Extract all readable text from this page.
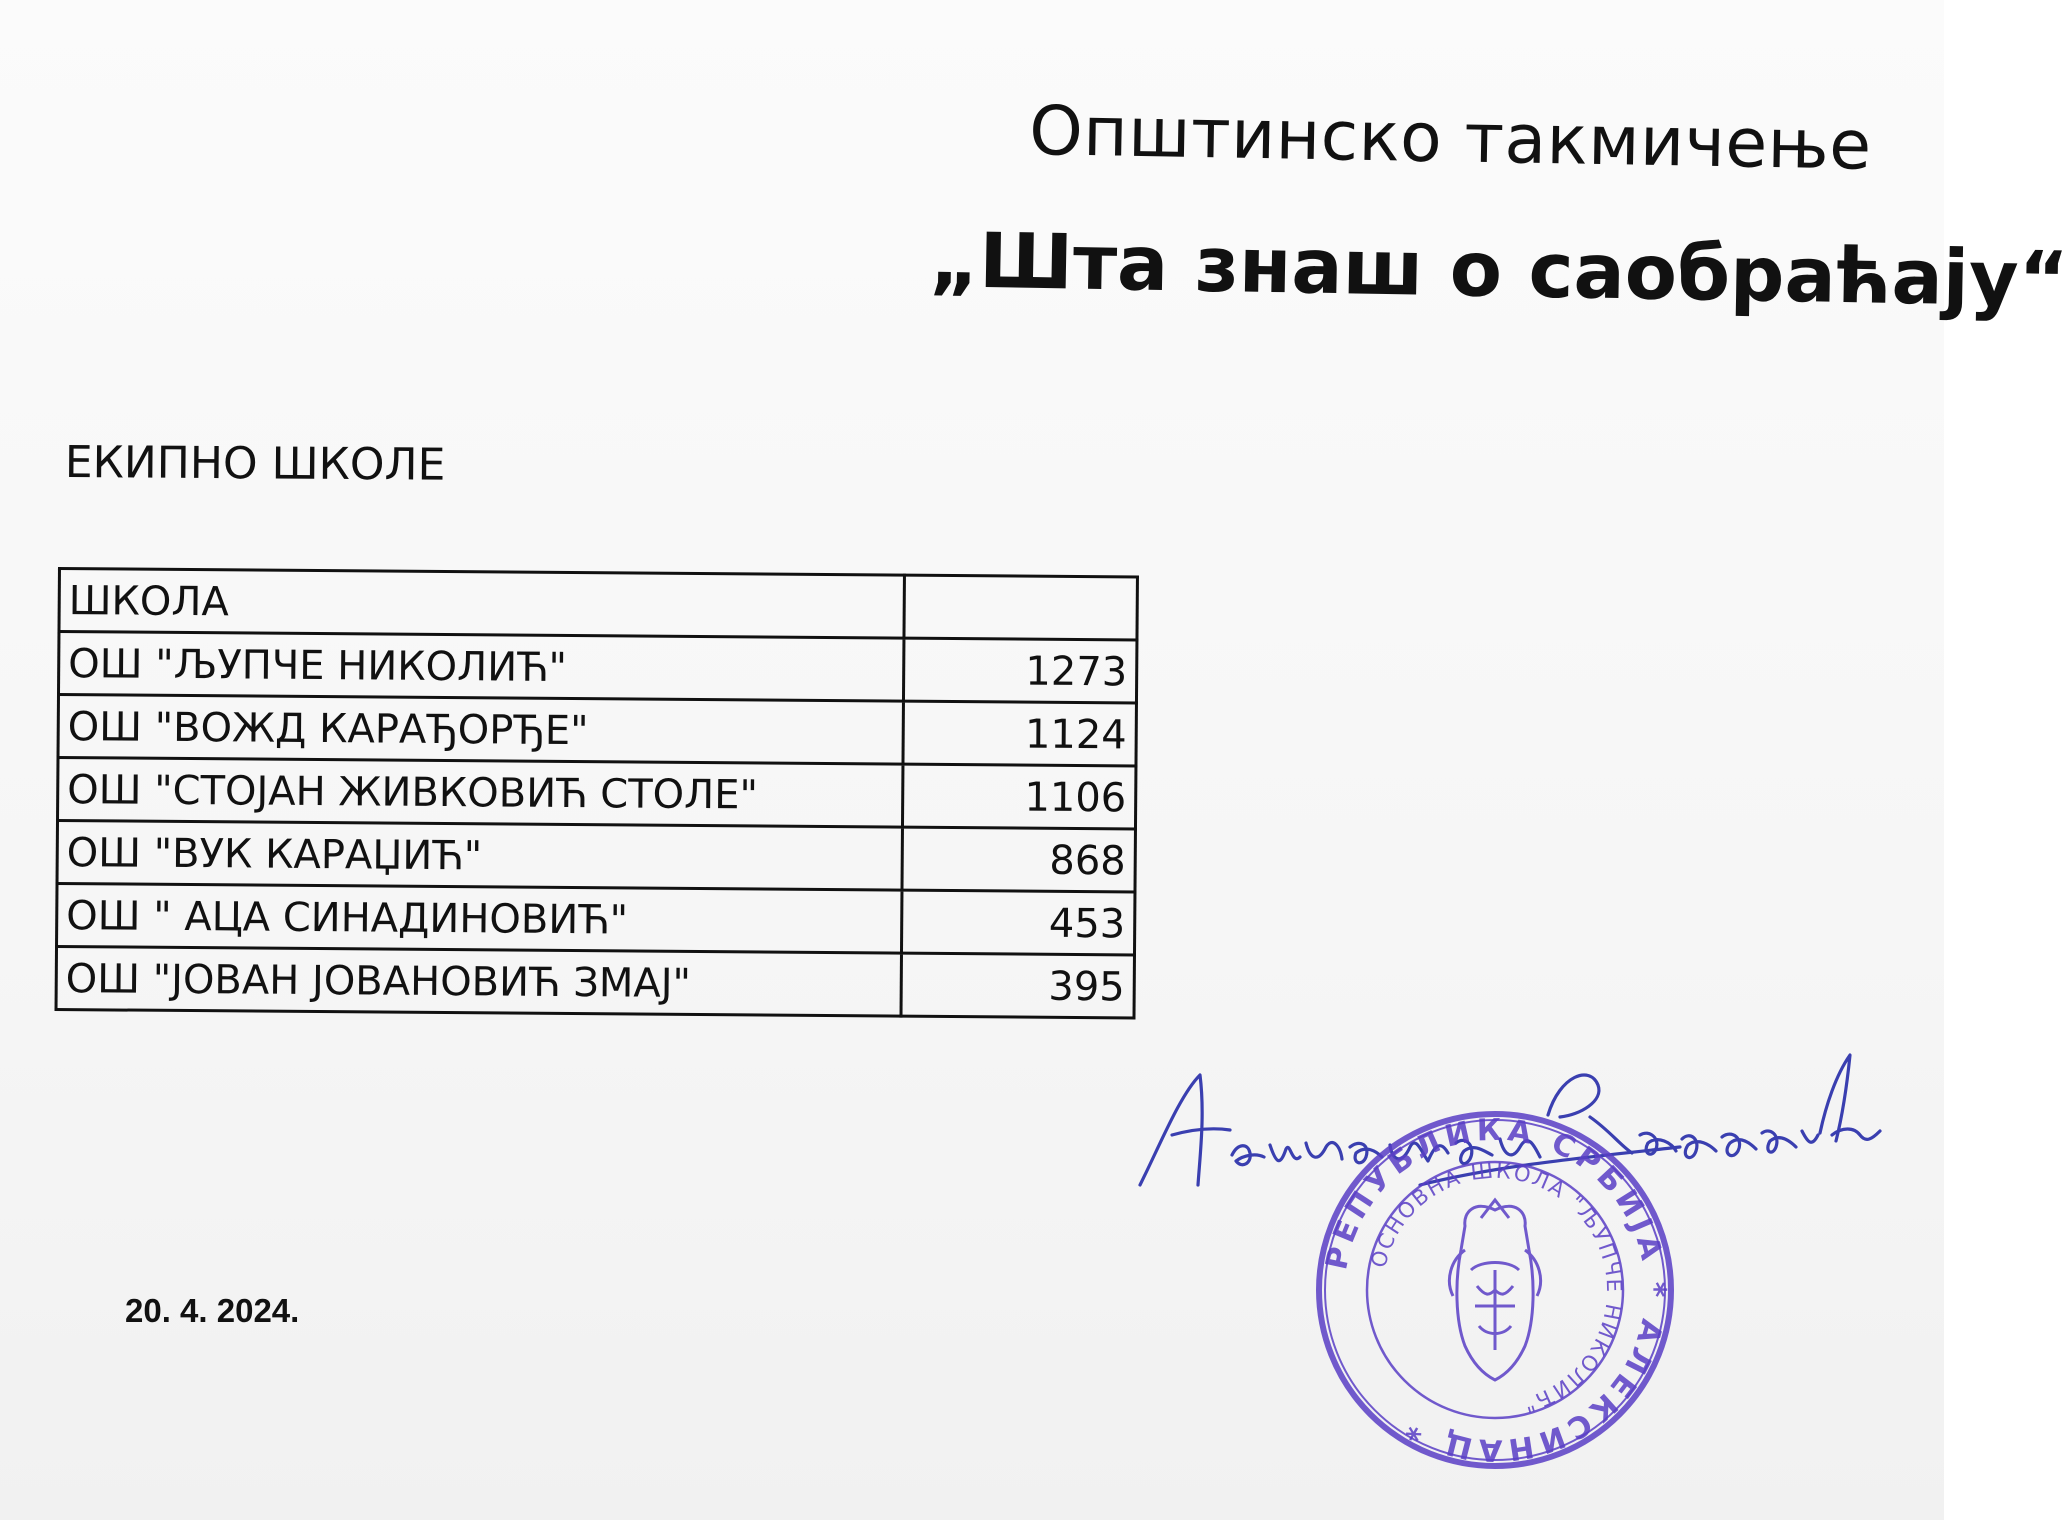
Општинско такмичење
„Шта знаш о саобраћају“
ЕКИПНО ШКОЛЕ
ШКОЛА	
ОШ "ЉУПЧЕ НИКОЛИЋ"	1273
ОШ "ВОЖД КАРАЂОРЂЕ"	1124
ОШ "СТОЈАН ЖИВКОВИЋ СТОЛЕ"	1106
ОШ "ВУК КАРАЏИЋ"	868
ОШ " АЦА СИНАДИНОВИЋ"	453
ОШ "ЈОВАН ЈОВАНОВИЋ ЗМАЈ"	395
20. 4. 2024.
РЕПУБЛИКА СРБИЈА * АЛЕКСИНАЦ *
ОСНОВНА ШКОЛА "ЉУПЧЕ НИКОЛИЋ"
